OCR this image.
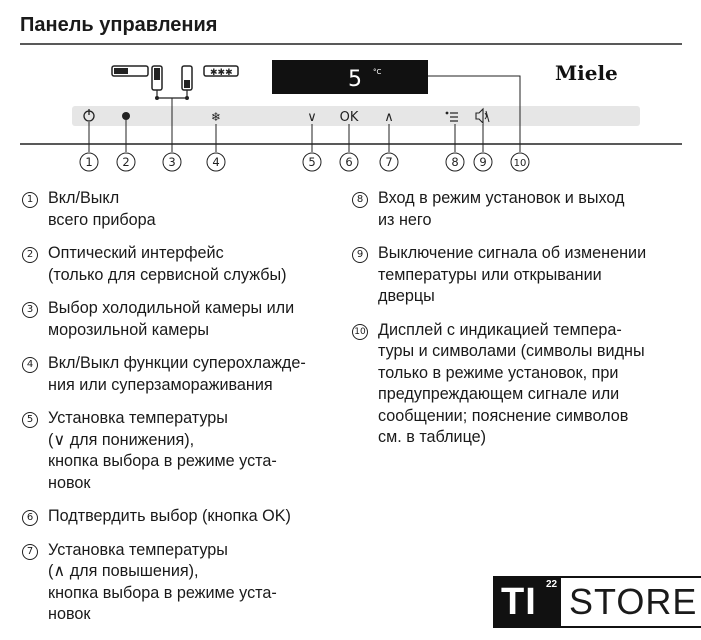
Панель управления
✱✱✱	5 °C	Miele
❄	∨ OK ∧
1	2	3	4	5	6	7	8 9	10
1 Вкл/Выкл
всего прибора
2 Оптический интерфейс
(только для сервисной службы)
3 Выбор холодильной камеры или
морозильной камеры
4 Вкл/Выкл функции суперохлажде-
ния или суперзамораживания
5 Установка температуры
(∨ для понижения),
кнопка выбора в режиме уста-
новок
6 Подтвердить выбор (кнопка OK)
7 Установка температуры
(∧ для повышения),
кнопка выбора в режиме уста-
новок
8 Вход в режим установок и выход
из него
9 Выключение сигнала об изменении
температуры или открывании
дверцы
10 Дисплей с индикацией темпера-
туры и символами (символы видны
только в режиме установок, при
предупреждающем сигнале или
сообщении; пояснение символов
см. в таблице)
TI 22 STORE
